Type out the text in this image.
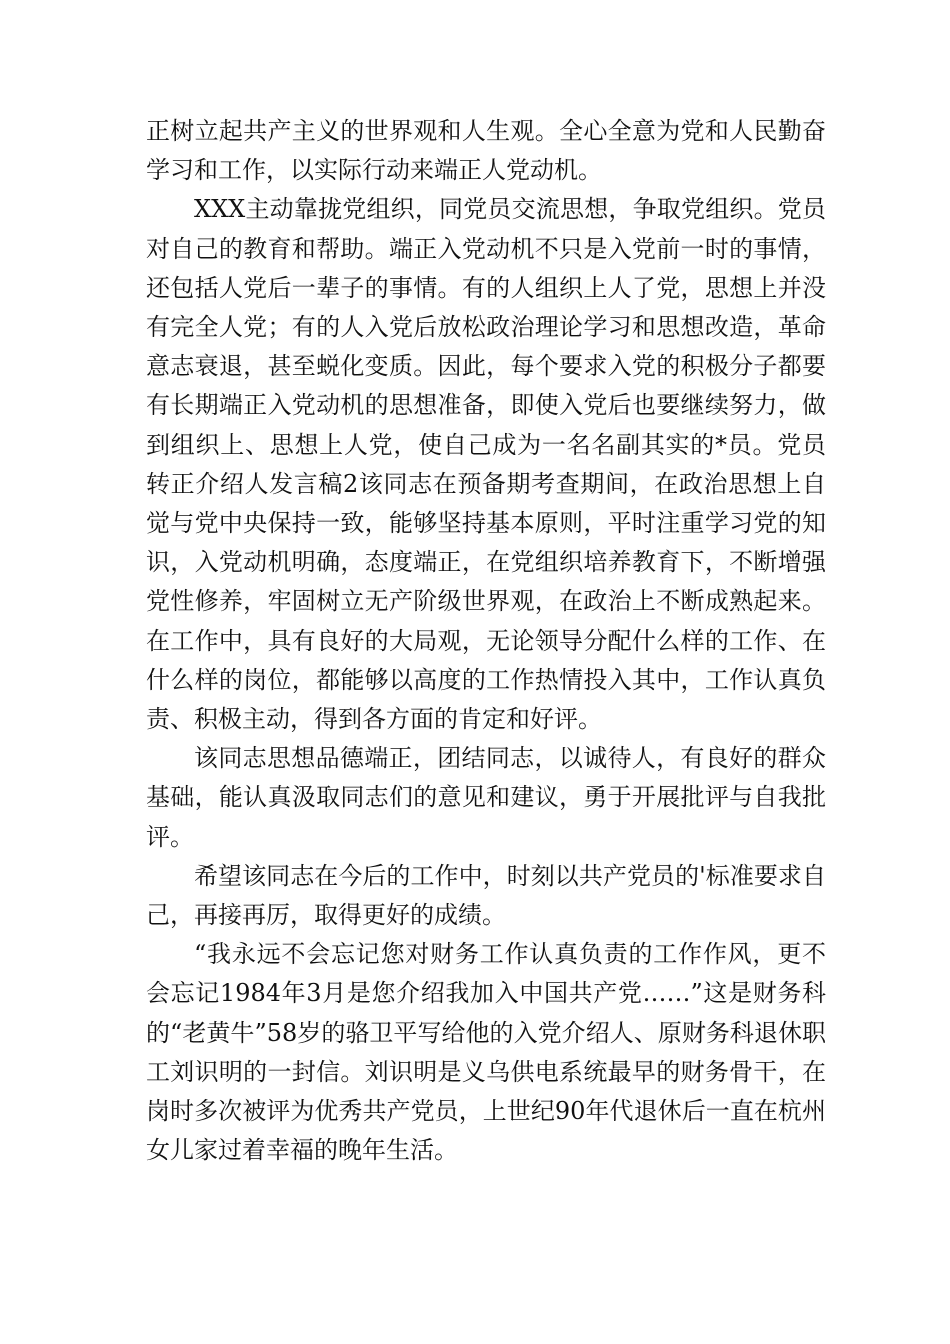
正树立起共产主义的世界观和人生观。全心全意为党和人民勤奋学习和工作，以实际行动来端正人党动机。

XXX主动靠拢党组织，同党员交流思想，争取党组织。党员对自己的教育和帮助。端正入党动机不只是入党前一时的事情，还包括人党后一辈子的事情。有的人组织上人了党，思想上并没有完全人党；有的人入党后放松政治理论学习和思想改造，革命意志衰退，甚至蜕化变质。因此，每个要求入党的积极分子都要有长期端正入党动机的思想准备，即使入党后也要继续努力，做到组织上、思想上人党，使自己成为一名名副其实的*员。党员转正介绍人发言稿2该同志在预备期考查期间，在政治思想上自觉与党中央保持一致，能够坚持基本原则，平时注重学习党的知识，入党动机明确，态度端正，在党组织培养教育下，不断增强党性修养，牢固树立无产阶级世界观，在政治上不断成熟起来。在工作中，具有良好的大局观，无论领导分配什么样的工作、在什么样的岗位，都能够以高度的工作热情投入其中，工作认真负责、积极主动，得到各方面的肯定和好评。

该同志思想品德端正，团结同志，以诚待人，有良好的群众基础，能认真汲取同志们的意见和建议，勇于开展批评与自我批评。

希望该同志在今后的工作中，时刻以共产党员的'标准要求自己，再接再厉，取得更好的成绩。

“我永远不会忘记您对财务工作认真负责的工作作风，更不会忘记1984年3月是您介绍我加入中国共产党……”这是财务科的“老黄牛”58岁的骆卫平写给他的入党介绍人、原财务科退休职工刘识明的一封信。刘识明是义乌供电系统最早的财务骨干，在岗时多次被评为优秀共产党员，上世纪90年代退休后一直在杭州女儿家过着幸福的晚年生活。
